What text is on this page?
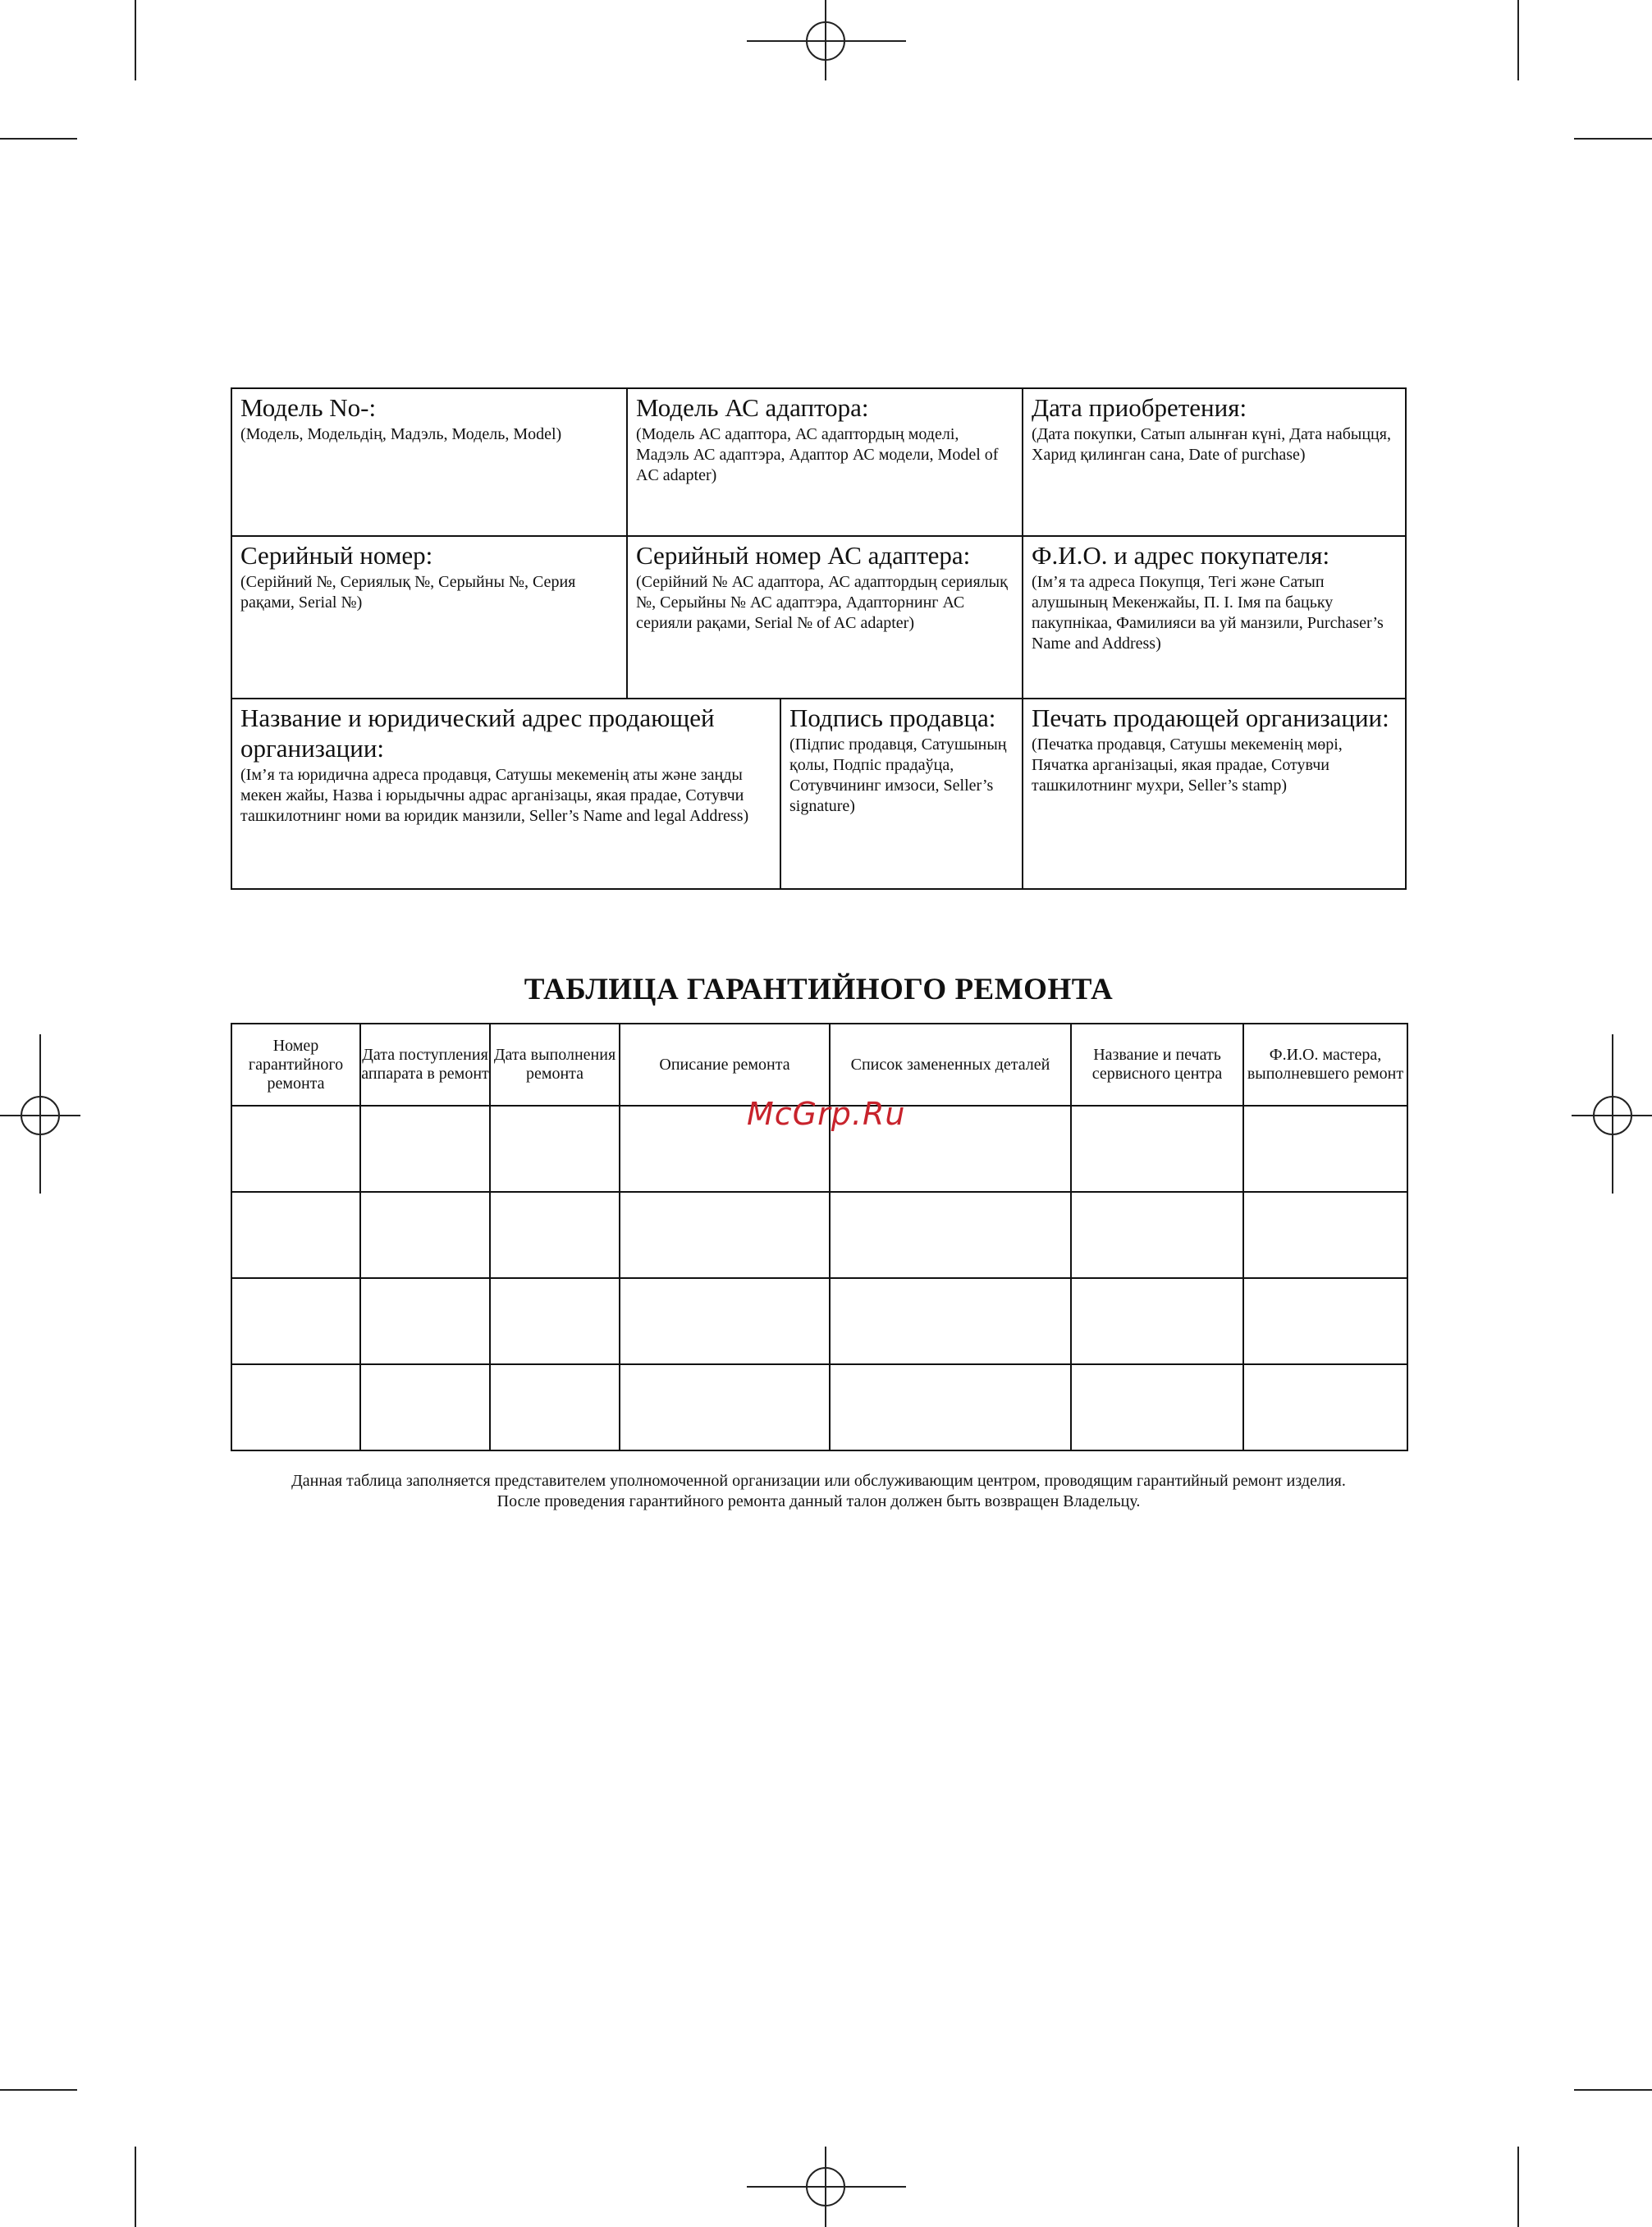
Модель No-:
(Модель, Модельдің, Мадэль, Модель, Model)
Модель АС адаптора:
(Модель АС адаптора, АС адаптордың моделі, Мадэль АС адаптэра, Адаптор АС модели, Model of AC adapter)
Дата приобретения:
(Дата покупки, Сатып алынған күні, Дата набыцця, Харид қилинган сана, Date of purchase)
Серийный номер:
(Серійний №, Сериялық №, Серыйны №, Серия рақами, Serial №)
Серийный номер АС адаптера:
(Серійний № АС адаптора, АС адаптордың сериялық №, Серыйны № АС адаптэра, Адапторнинг АС серияли рақами, Serial № of AC adapter)
Ф.И.О. и адрес покупателя:
(Ім’я та адреса Покупця, Тегі және Сатып алушының Мекенжайы, П. І. Імя па бацьку пакупнікаа, Фамилияси ва уй манзили, Purchaser’s Name and Address)
Название и юридический адрес продающей организации:
(Ім’я та юридична адреса продавця, Сатушы мекеменің аты және заңды мекен жайы, Назва і юрыдычны адрас арганізацы, якая прадае, Сотувчи ташкилотнинг номи ва юридик манзили, Seller’s Name and legal Address)
Подпись продавца:
(Підпис продавця, Сатушының қолы, Подпіс прадаўца, Сотувчининг имзоси, Seller’s signature)
Печать продающей организации:
(Печатка продавця, Сатушы мекеменің мөрі, Пячатка арганізацыі, якая прадае, Сотувчи ташкилотнинг мухри, Seller’s stamp)
ТАБЛИЦА ГАРАНТИЙНОГО РЕМОНТА
Номер гарантийного ремонта	Дата поступления аппарата в ремонт	Дата выполнения ремонта	Описание ремонта	Список замененных деталей	Название и печать сервисного центра	Ф.И.О. мастера, выполневшего ремонт

McGrp.Ru
Данная таблица заполняется представителем уполномоченной организации или обслуживающим центром, проводящим гарантийный ремонт изделия.
После проведения гарантийного ремонта данный талон должен быть возвращен Владельцу.
